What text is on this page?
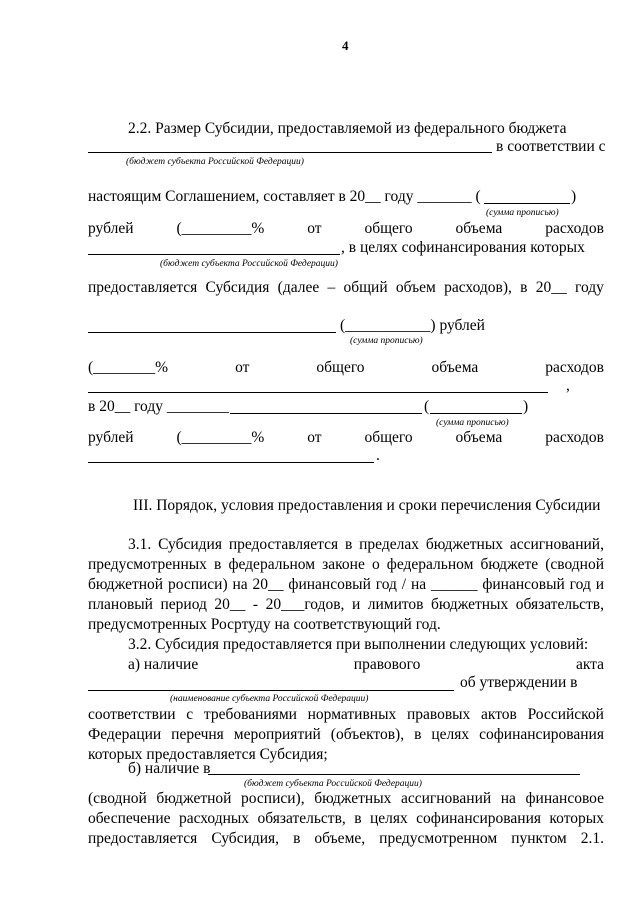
4
2.2. Размер Субсидии, предоставляемой из федерального бюджета
в соответствии с
(бюджет субъекта Российской Федерации)
настоящим Соглашением, составляет в 20__ году _______ (	)
(сумма прописью)
рублей	(_________%	от	общего	объема	расходов
, в целях софинансирования которых
(бюджет субъекта Российской Федерации)
предоставляется Субсидия (далее – общий объем расходов), в 20__ году
(___________) рублей
(сумма прописью)
(________%	от	общего	объема	расходов
,
в 20__ году ________	(	)
(сумма прописью)
рублей	(_________%	от	общего	объема	расходов
.
III. Порядок, условия предоставления и сроки перечисления Субсидии
3.1. Субсидия предоставляется в пределах бюджетных ассигнований,
предусмотренных в федеральном законе о федеральном бюджете (сводной
бюджетной росписи) на 20__ финансовый год / на ______ финансовый год и
плановый период 20__ - 20___годов, и лимитов бюджетных обязательств,
предусмотренных Росртуду на соответствующий год.
3.2. Субсидия предоставляется при выполнении следующих условий:
а) наличие	правового	акта
об утверждении в
(наименование субъекта Российской Федерации)
соответствии с требованиями нормативных правовых актов Российской
Федерации перечня мероприятий (объектов), в целях софинансирования
которых предоставляется Субсидия;
б) наличие в
(бюджет субъекта Российской Федерации)
(сводной бюджетной росписи), бюджетных ассигнований на финансовое
обеспечение расходных обязательств, в целях софинансирования которых
предоставляется Субсидия, в объеме, предусмотренном пунктом 2.1.
